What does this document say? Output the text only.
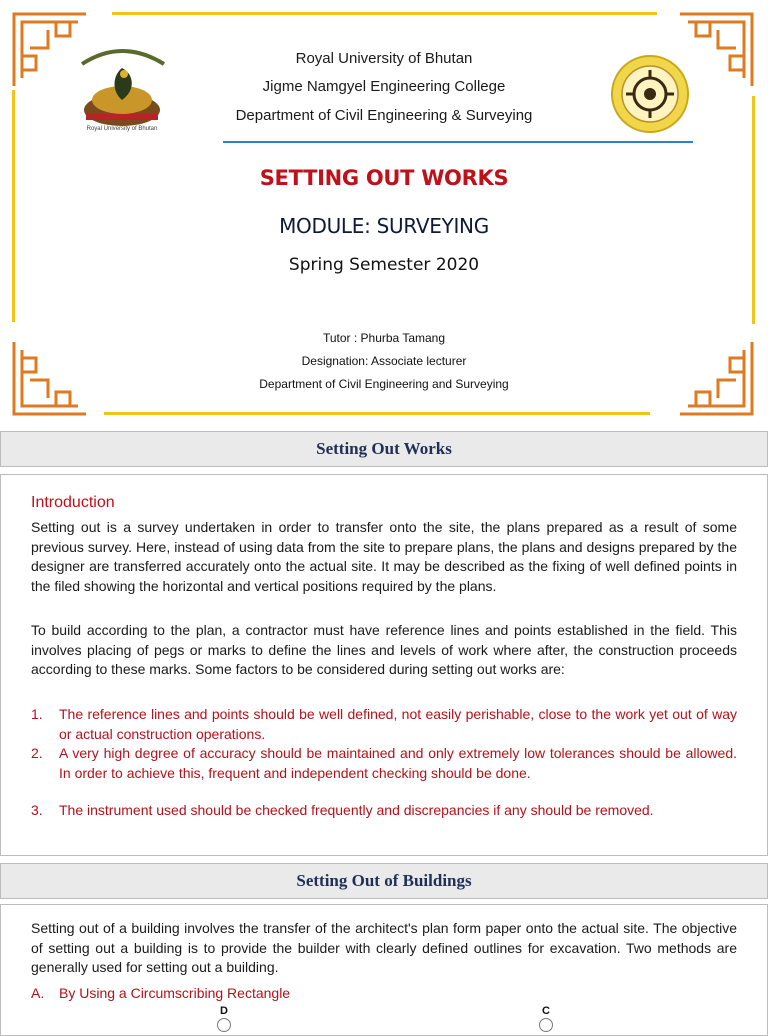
Royal University of Bhutan
Royal University of Bhutan
Jigme Namgyel Engineering College
Department of Civil Engineering & Surveying
SETTING OUT WORKS
MODULE: SURVEYING
Spring Semester 2020
Tutor : Phurba Tamang
Designation: Associate lecturer
Department of Civil Engineering and Surveying
Setting Out Works
Introduction
Setting out is a survey undertaken in order to transfer onto the site, the plans prepared as a result of some previous survey. Here, instead of using data from the site to prepare plans, the plans and designs prepared by the designer are transferred accurately onto the actual site. It may be described as the fixing of well defined points in the filed showing the horizontal and vertical positions required by the plans.
To build according to the plan, a contractor must have reference lines and points established in the field. This involves placing of pegs or marks to define the lines and levels of work where after, the construction proceeds according to these marks. Some factors to be considered during setting out works are:
1.	The reference lines and points should be well defined, not easily perishable, close to the work yet out of way or actual construction operations.
2.	A very high degree of accuracy should be maintained and only extremely low tolerances should be allowed. In order to achieve this, frequent and independent checking should be done.
3.	The instrument used should be checked frequently and discrepancies if any should be removed.
Setting Out of Buildings
Setting out of a building involves the transfer of the architect's plan form paper onto the actual site. The objective of setting out a building is to provide the builder with clearly defined outlines for excavation. Two methods are generally used for setting out a building.
A. By Using a Circumscribing Rectangle
D	C
